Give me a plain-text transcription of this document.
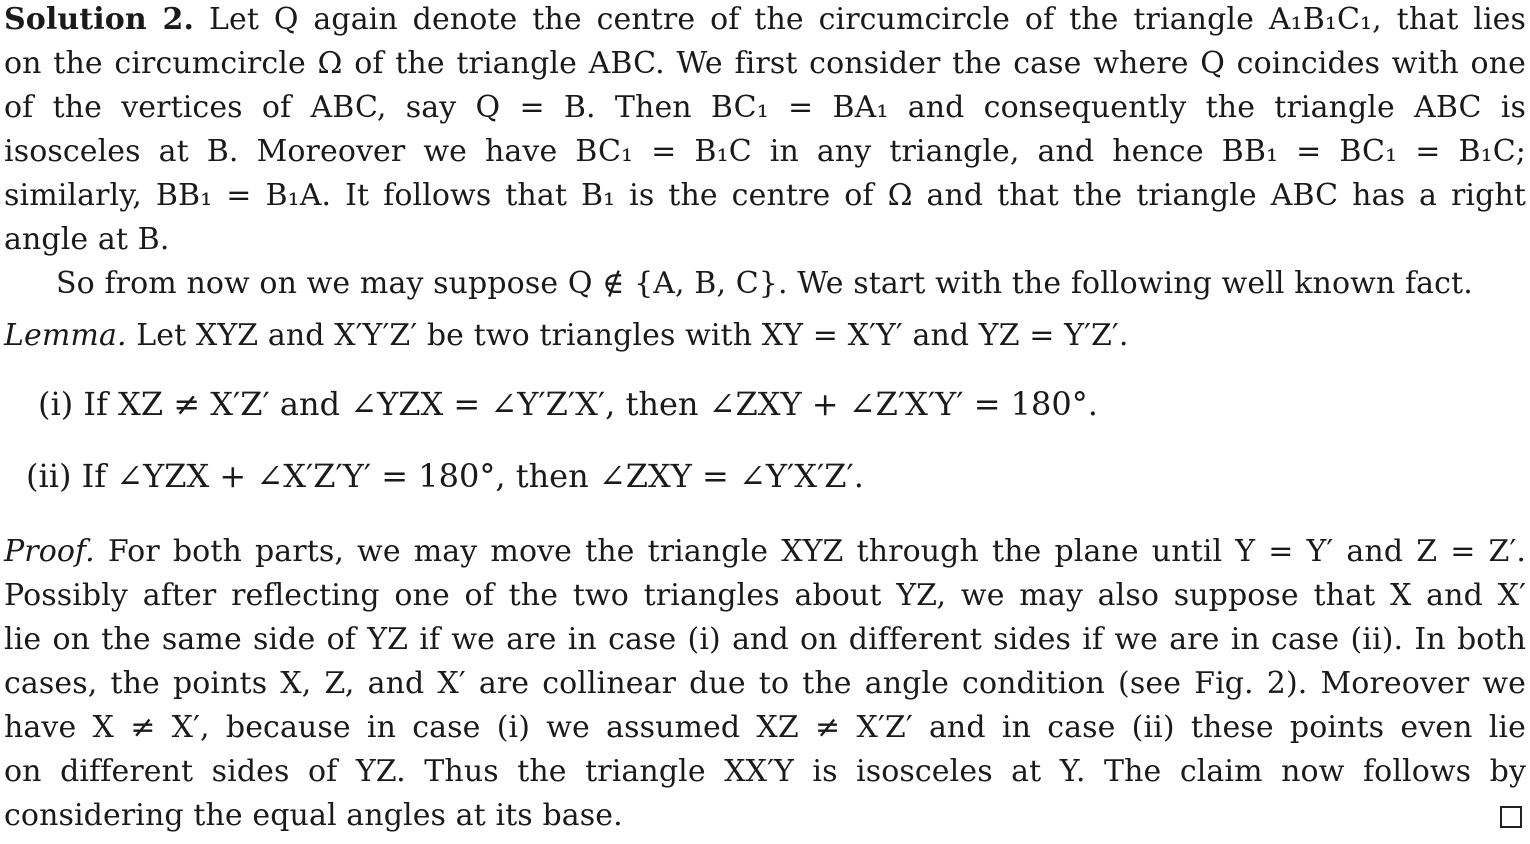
Solution 2. Let Q again denote the centre of the circumcircle of the triangle A₁B₁C₁, that lies
on the circumcircle Ω of the triangle ABC. We first consider the case where Q coincides with one
of the vertices of ABC, say Q = B. Then BC₁ = BA₁ and consequently the triangle ABC is
isosceles at B. Moreover we have BC₁ = B₁C in any triangle, and hence BB₁ = BC₁ = B₁C;
similarly, BB₁ = B₁A. It follows that B₁ is the centre of Ω and that the triangle ABC has a right
angle at B.
So from now on we may suppose Q ∉ {A, B, C}. We start with the following well known fact.
Lemma. Let XYZ and X′Y′Z′ be two triangles with XY = X′Y′ and YZ = Y′Z′.
(i) If XZ ≠ X′Z′ and ∠YZX = ∠Y′Z′X′, then ∠ZXY + ∠Z′X′Y′ = 180°.
(ii) If ∠YZX + ∠X′Z′Y′ = 180°, then ∠ZXY = ∠Y′X′Z′.
Proof. For both parts, we may move the triangle XYZ through the plane until Y = Y′ and Z = Z′.
Possibly after reflecting one of the two triangles about YZ, we may also suppose that X and X′
lie on the same side of YZ if we are in case (i) and on different sides if we are in case (ii). In both
cases, the points X, Z, and X′ are collinear due to the angle condition (see Fig. 2). Moreover we
have X ≠ X′, because in case (i) we assumed XZ ≠ X′Z′ and in case (ii) these points even lie
on different sides of YZ. Thus the triangle XX′Y is isosceles at Y. The claim now follows by
considering the equal angles at its base.
